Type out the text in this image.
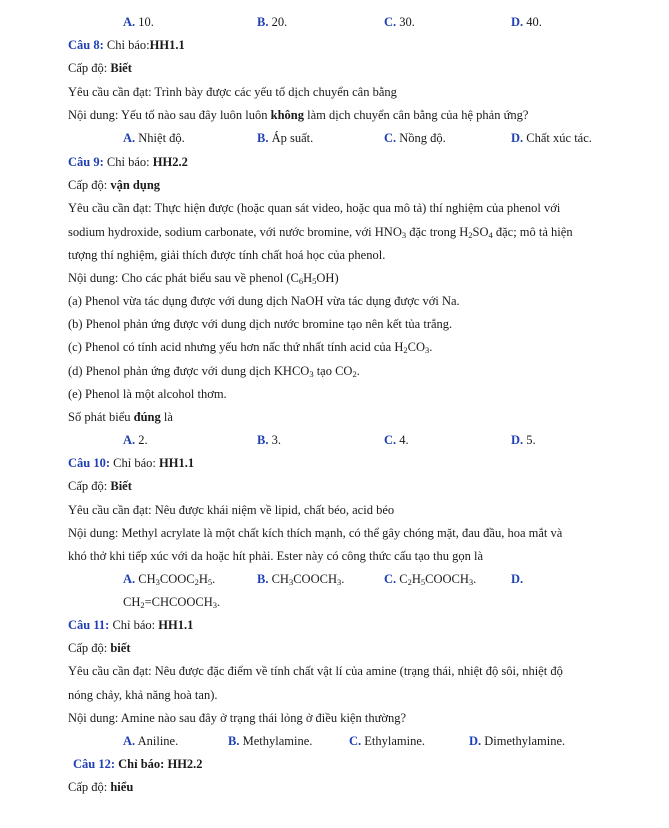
A. 10.	B. 20.	C. 30.	D. 40.
Câu 8: Chỉ báo:HH1.1
Cấp độ: Biết
Yêu cầu cần đạt: Trình bày được các yếu tố dịch chuyển cân bằng
Nội dung: Yếu tố nào sau đây luôn luôn không làm dịch chuyển cân bằng của hệ phản ứng?
A. Nhiệt độ.	B. Áp suất.	C. Nồng độ.	D. Chất xúc tác.
Câu 9: Chỉ báo: HH2.2
Cấp độ: vận dụng
Yêu cầu cần đạt: Thực hiện được (hoặc quan sát video, hoặc qua mô tả) thí nghiệm của phenol với
sodium hydroxide, sodium carbonate, với nước bromine, với $HNO_3$ đặc trong $H_2SO_4$ đặc; mô tả hiện
tượng thí nghiệm, giải thích được tính chất hoá học của phenol.
Nội dung: Cho các phát biểu sau về phenol $(C_6H_5OH)$
(a) Phenol vừa tác dụng được với dung dịch NaOH vừa tác dụng được với Na.
(b) Phenol phản ứng được với dung dịch nước bromine tạo nên kết tủa trắng.
(c) Phenol có tính acid nhưng yếu hơn nấc thứ nhất tính acid của $H_2CO_3$.
(d) Phenol phản ứng được với dung dịch $KHCO_3$ tạo $CO_2$.
(e) Phenol là một alcohol thơm.
Số phát biểu đúng là
A. 2.	B. 3.	C. 4.	D. 5.
Câu 10: Chỉ báo: HH1.1
Cấp độ: Biết
Yêu cầu cần đạt: Nêu được khái niệm về lipid, chất béo, acid béo
Nội dung: Methyl acrylate là một chất kích thích mạnh, có thể gây chóng mặt, đau đầu, hoa mắt và
khó thở khi tiếp xúc với da hoặc hít phải. Ester này có công thức cấu tạo thu gọn là
A. $CH_3COOC_2H_5$.	B. $CH_3COOCH_3$.	C. $C_2H_5COOCH_3$.	D.
$CH_2=CHCOOCH_3$.
Câu 11: Chỉ báo: HH1.1
Cấp độ: biết
Yêu cầu cần đạt: Nêu được đặc điểm về tính chất vật lí của amine (trạng thái, nhiệt độ sôi, nhiệt độ
nóng chảy, khả năng hoà tan).
Nội dung: Amine nào sau đây ở trạng thái lỏng ở điều kiện thường?
A. Aniline.	B. Methylamine.	C. Ethylamine.	D. Dimethylamine.
Câu 12: Chỉ báo: HH2.2
Cấp độ: hiểu
